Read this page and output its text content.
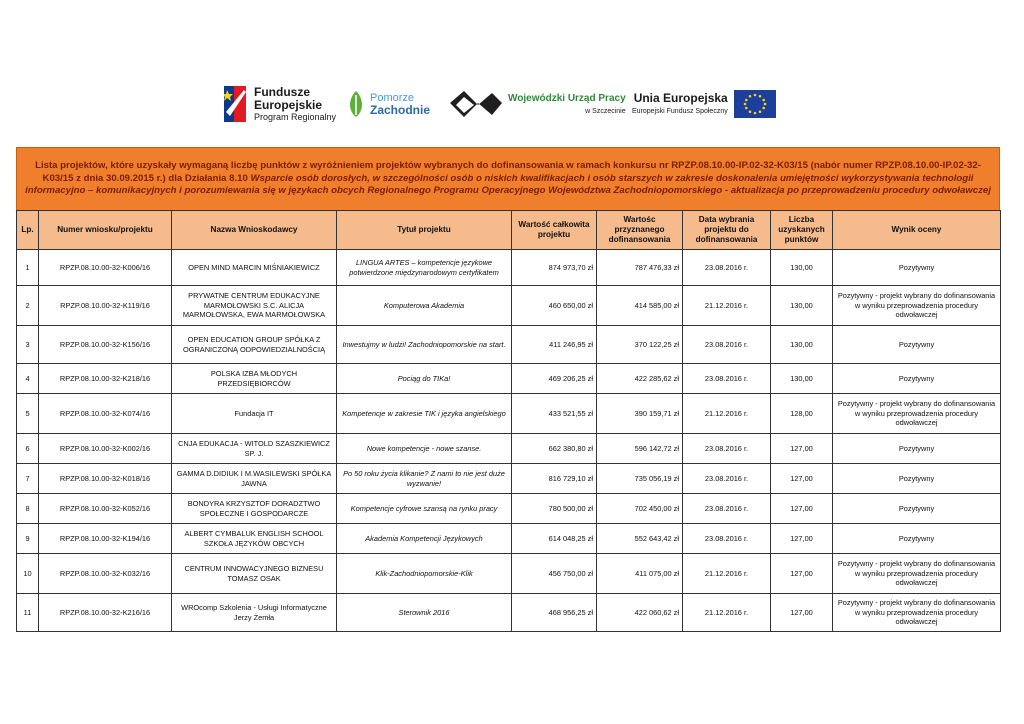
Fundusze
Europejskie
Program Regionalny
Pomorze
Zachodnie
Wojewódzki Urząd Pracy
w Szczecinie
Unia Europejska
Europejski Fundusz Społeczny
Lista projektów, które uzyskały wymaganą liczbę punktów z wyróżnieniem projektów wybranych do dofinansowania w ramach konkursu nr RPZP.08.10.00-IP.02-32-K03/15 (nabór numer RPZP.08.10.00-IP.02-32-K03/15 z dnia 30.09.2015 r.) dla Działania 8.10 Wsparcie osób dorosłych, w szczególności osób o niskich kwalifikacjach i osób starszych w zakresie doskonalenia umiejętności wykorzystywania technologii informacyjno – komunikacyjnych i porozumiewania się w językach obcych Regionalnego Programu Operacyjnego Województwa Zachodniopomorskiego - aktualizacja po przeprowadzeniu procedury odwoławczej
Lp.	Numer wniosku/projektu	Nazwa Wnioskodawcy	Tytuł projektu	Wartość całkowita projektu	Wartośc przyznanego dofinansowania	Data wybrania projektu do dofinansowania	Liczba uzyskanych punktów	Wynik oceny
1	RPZP.08.10.00-32-K006/16	OPEN MIND MARCIN MIŚNIAKIEWICZ	LINGUA ARTES – kompetencje językowe potwierdzone międzynarodowym certyfikatem	874 973,70 zł	787 476,33 zł	23.08.2016 r.	130,00	Pozytywny
2	RPZP.08.10.00-32-K119/16	PRYWATNE CENTRUM EDUKACYJNE MARMOŁOWSKI S.C. ALICJA MARMOŁOWSKA, EWA MARMOŁOWSKA	Komputerowa Akademia	460 650,00 zł	414 585,00 zł	21.12.2016 r.	130,00	Pozytywny - projekt wybrany do dofinansowania w wyniku przeprowadzenia procedury odwoławczej
3	RPZP.08.10.00-32-K156/16	OPEN EDUCATION GROUP SPÓŁKA Z OGRANICZONĄ ODPOWIEDZIALNOŚCIĄ	Inwestujmy w ludzi! Zachodniopomorskie na start.	411 246,95 zł	370 122,25 zł	23.08.2016 r.	130,00	Pozytywny
4	RPZP.08.10.00-32-K218/16	POLSKA IZBA MŁODYCH PRZEDSIĘBIORCÓW	Pociąg do TIKa!	469 206,25 zł	422 285,62 zł	23.08.2016 r.	130,00	Pozytywny
5	RPZP.08.10.00-32-K074/16	Fundacja IT	Kompetencje w zakresie TIK i języka angielskiego	433 521,55 zł	390 159,71 zł	21.12.2016 r.	128,00	Pozytywny - projekt wybrany do dofinansowania w wyniku przeprowadzenia procedury odwoławczej
6	RPZP.08.10.00-32-K002/16	CNJA EDUKACJA - WITOLD SZASZKIEWICZ SP. J.	Nowe kompetencje - nowe szanse.	662 380,80 zł	596 142,72 zł	23.08.2016 r.	127,00	Pozytywny
7	RPZP.08.10.00-32-K018/16	GAMMA D.DIDIUK I M.WASILEWSKI SPÓŁKA JAWNA	Po 50 roku życia klikanie? Z nami to nie jest duże wyzwanie!	816 729,10 zł	735 056,19 zł	23.08.2016 r.	127,00	Pozytywny
8	RPZP.08.10.00-32-K052/16	BONDYRA KRZYSZTOF DORADZTWO SPOŁECZNE I GOSPODARCZE	Kompetencje cyfrowe szansą na rynku pracy	780 500,00 zł	702 450,00 zł	23.08.2016 r.	127,00	Pozytywny
9	RPZP.08.10.00-32-K194/16	ALBERT CYMBALUK ENGLISH SCHOOL SZKOŁA JĘZYKÓW OBCYCH	Akademia Kompetencji Językowych	614 048,25 zł	552 643,42 zł	23.08.2016 r.	127,00	Pozytywny
10	RPZP.08.10.00-32-K032/16	CENTRUM INNOWACYJNEGO BIZNESU TOMASZ OSAK	Klik-Zachodniopomorskie-Klik	456 750,00 zł	411 075,00 zł	21.12.2016 r.	127,00	Pozytywny - projekt wybrany do dofinansowania w wyniku przeprowadzenia procedury odwoławczej
11	RPZP.08.10.00-32-K216/16	WROcomp Szkolenia - Usługi Informatyczne Jerzy Żemła	Sterownik 2016	468 956,25 zł	422 060,62 zł	21.12.2016 r.	127,00	Pozytywny - projekt wybrany do dofinansowania w wyniku przeprowadzenia procedury odwoławczej
